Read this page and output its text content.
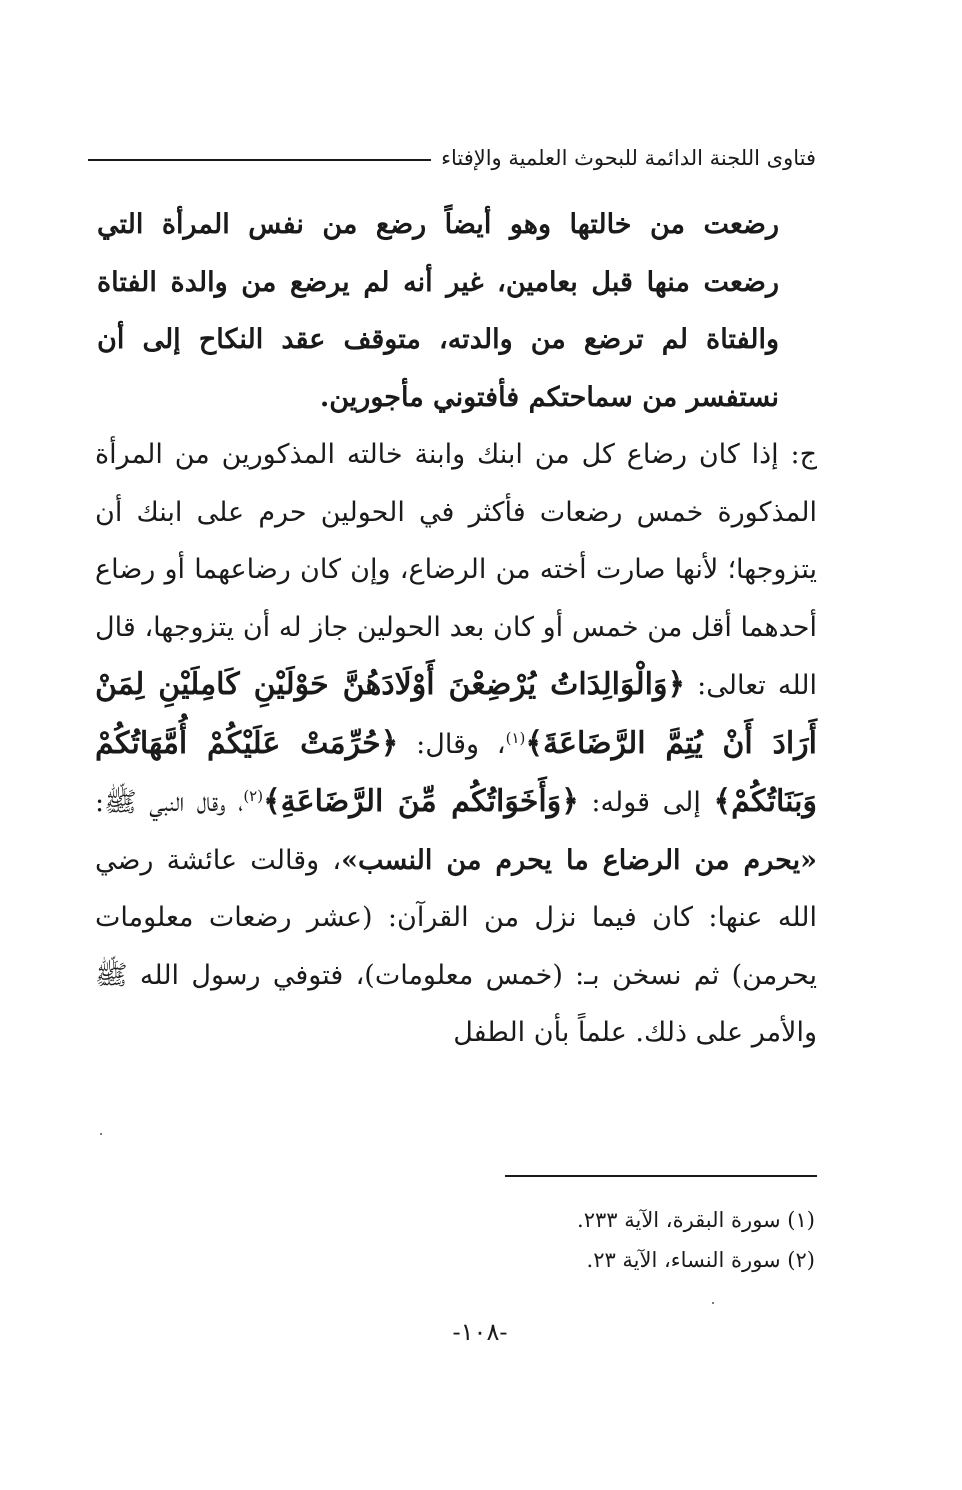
فتاوى اللجنة الدائمة للبحوث العلمية والإفتاء

رضعت من خالتها وهو أيضاً رضع من نفس المرأة التي رضعت منها قبل بعامين، غير أنه لم يرضع من والدة الفتاة والفتاة لم ترضع من والدته، متوقف عقد النكاح إلى أن نستفسر من سماحتكم فأفتوني مأجورين.

ج: إذا كان رضاع كل من ابنك وابنة خالته المذكورين من المرأة المذكورة خمس رضعات فأكثر في الحولين حرم على ابنك أن يتزوجها؛ لأنها صارت أخته من الرضاع، وإن كان رضاعهما أو رضاع أحدهما أقل من خمس أو كان بعد الحولين جاز له أن يتزوجها، قال الله تعالى: ﴿وَالْوَالِدَاتُ يُرْضِعْنَ أَوْلَادَهُنَّ حَوْلَيْنِ كَامِلَيْنِ لِمَنْ أَرَادَ أَنْ يُتِمَّ الرَّضَاعَةَ﴾$^{(١)}$، وقال: ﴿حُرِّمَتْ عَلَيْكُمْ أُمَّهَاتُكُمْ وَبَنَاتُكُمْ﴾ إلى قوله: ﴿وَأَخَوَاتُكُم مِّنَ الرَّضَاعَةِ﴾$^{(٢)}$، وقال النبي ﷺ: «يحرم من الرضاع ما يحرم من النسب»، وقالت عائشة رضي الله عنها: كان فيما نزل من القرآن: (عشر رضعات معلومات يحرمن) ثم نسخن بـ: (خمس معلومات)، فتوفي رسول الله ﷺ والأمر على ذلك. علماً بأن الطفل

(١) سورة البقرة، الآية ٢٣٣.
(٢) سورة النساء، الآية ٢٣.
-١٠٨-
